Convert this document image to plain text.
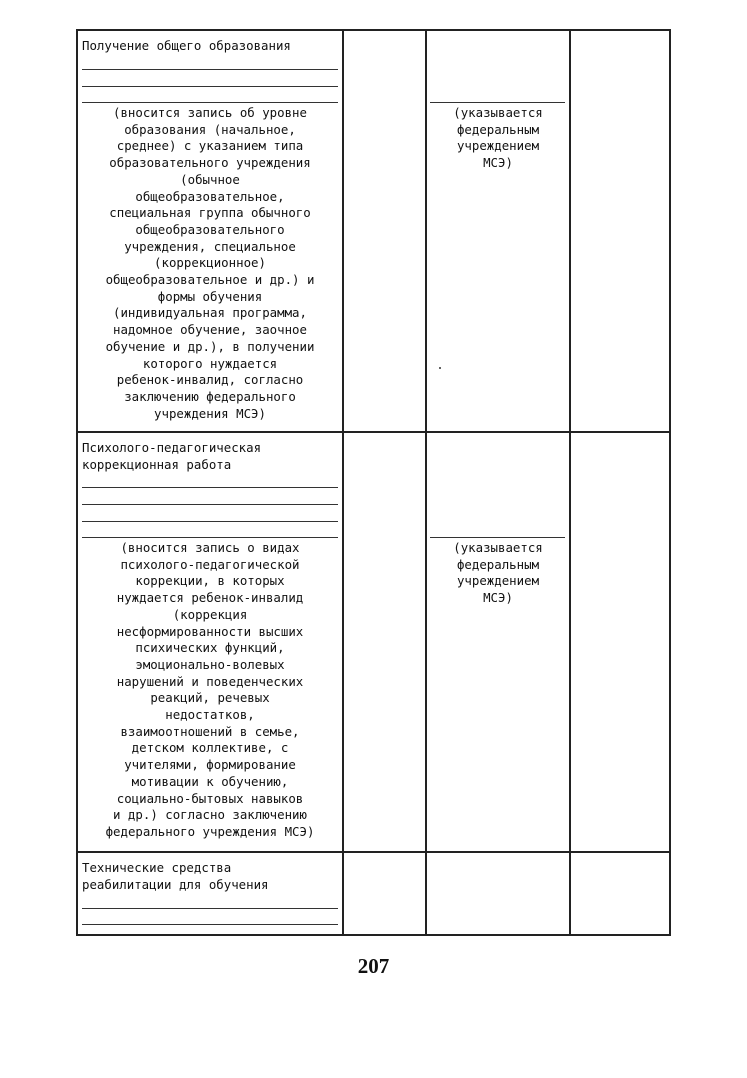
Получение общего образования
(вносится запись об уровне
образования (начальное,
среднее) с указанием типа
образовательного учреждения
(обычное
общеобразовательное,
специальная группа обычного
общеобразовательного
учреждения, специальное
(коррекционное)
общеобразовательное и др.) и
формы обучения
(индивидуальная программа,
надомное обучение, заочное
обучение и др.), в получении
которого нуждается
ребенок-инвалид, согласно
заключению федерального
учреждения МСЭ)
(указывается
федеральным
учреждением
МСЭ)
Психолого-педагогическая
коррекционная работа
(вносится запись о видах
психолого-педагогической
коррекции, в которых
нуждается ребенок-инвалид
(коррекция
несформированности высших
психических функций,
эмоционально-волевых
нарушений и поведенческих
реакций, речевых
недостатков,
взаимоотношений в семье,
детском коллективе, с
учителями, формирование
мотивации к обучению,
социально-бытовых навыков
и др.) согласно заключению
федерального учреждения МСЭ)
(указывается
федеральным
учреждением
МСЭ)
Технические средства
реабилитации для обучения
207
